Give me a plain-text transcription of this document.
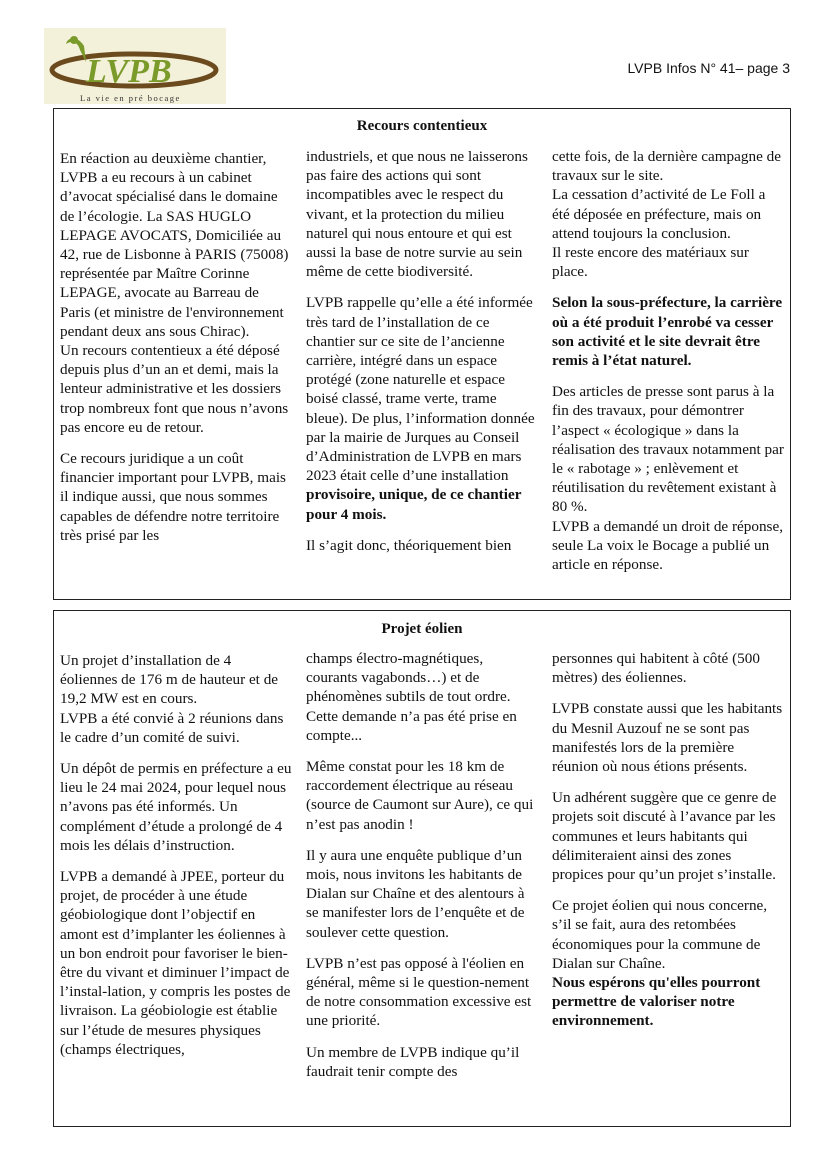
LVPB
La vie en pré bocage
LVPB Infos N° 41– page 3
Recours contentieux

En réaction au deuxième chantier, LVPB a eu recours à un cabinet d’avocat spécialisé dans le domaine de l’écologie. La SAS HUGLO LEPAGE AVOCATS, Domiciliée au 42, rue de Lisbonne à PARIS (75008) représentée par Maître Corinne LEPAGE, avocate au Barreau de Paris (et ministre de l'environnement pendant deux ans sous Chirac).

Un recours contentieux a été déposé depuis plus d’un an et demi, mais la lenteur administrative et les dossiers trop nombreux font que nous n’avons pas encore eu de retour.

Ce recours juridique a un coût financier important pour LVPB, mais il indique aussi, que nous sommes capables de défendre notre territoire très prisé par les

industriels, et que nous ne laisserons pas faire des actions qui sont incompatibles avec le respect du vivant, et la protection du milieu naturel qui nous entoure et qui est aussi la base de notre survie au sein même de cette biodiversité.

LVPB rappelle qu’elle a été informée très tard de l’installation de ce chantier sur ce site de l’ancienne carrière, intégré dans un espace protégé (zone naturelle et espace boisé classé, trame verte, trame bleue). De plus, l’information donnée par la mairie de Jurques au Conseil d’Administration de LVPB en mars 2023 était celle d’une installation provisoire, unique, de ce chantier pour 4 mois.

Il s’agit donc, théoriquement bien

cette fois, de la dernière campagne de travaux sur le site.

La cessation d’activité de Le Foll a été déposée en préfecture, mais on attend toujours la conclusion.

Il reste encore des matériaux sur place.

Selon la sous-préfecture, la carrière où a été produit l’enrobé va cesser son activité et le site devrait être remis à l’état naturel.

Des articles de presse sont parus à la fin des travaux, pour démontrer l’aspect « écologique » dans la réalisation des travaux notamment par le « rabotage » ; enlèvement et réutilisation du revêtement existant à 80 %.

LVPB a demandé un droit de réponse, seule La voix le Bocage a publié un article en réponse.

Projet éolien

Un projet d’installation de 4 éoliennes de 176 m de hauteur et de 19,2 MW est en cours.

LVPB a été convié à 2 réunions dans le cadre d’un comité de suivi.

Un dépôt de permis en préfecture a eu lieu le 24 mai 2024, pour lequel nous n’avons pas été informés. Un complément d’étude a prolongé de 4 mois les délais d’instruction.

LVPB a demandé à JPEE, porteur du projet, de procéder à une étude géobiologique dont l’objectif en amont est d’implanter les éoliennes à un bon endroit pour favoriser le bien-être du vivant et diminuer l’impact de l’instal-lation, y compris les postes de livraison. La géobiologie est établie sur l’étude de mesures physiques (champs électriques,

champs électro-magnétiques, courants vagabonds…) et de phénomènes subtils de tout ordre. Cette demande n’a pas été prise en compte...

Même constat pour les 18 km de raccordement électrique au réseau (source de Caumont sur Aure), ce qui n’est pas anodin !

Il y aura une enquête publique d’un mois, nous invitons les habitants de Dialan sur Chaîne et des alentours à se manifester lors de l’enquête et de soulever cette question.

LVPB n’est pas opposé à l'éolien en général, même si le question-nement de notre consommation excessive est une priorité.

Un membre de LVPB indique qu’il faudrait tenir compte des

personnes qui habitent à côté (500 mètres) des éoliennes.

LVPB constate aussi que les habitants du Mesnil Auzouf ne se sont pas manifestés lors de la première réunion où nous étions présents.

Un adhérent suggère que ce genre de projets soit discuté à l’avance par les communes et leurs habitants qui délimiteraient ainsi des zones propices pour qu’un projet s’installe.

Ce projet éolien qui nous concerne, s’il se fait, aura des retombées économiques pour la commune de Dialan sur Chaîne.

Nous espérons qu'elles pourront permettre de valoriser notre environnement.
